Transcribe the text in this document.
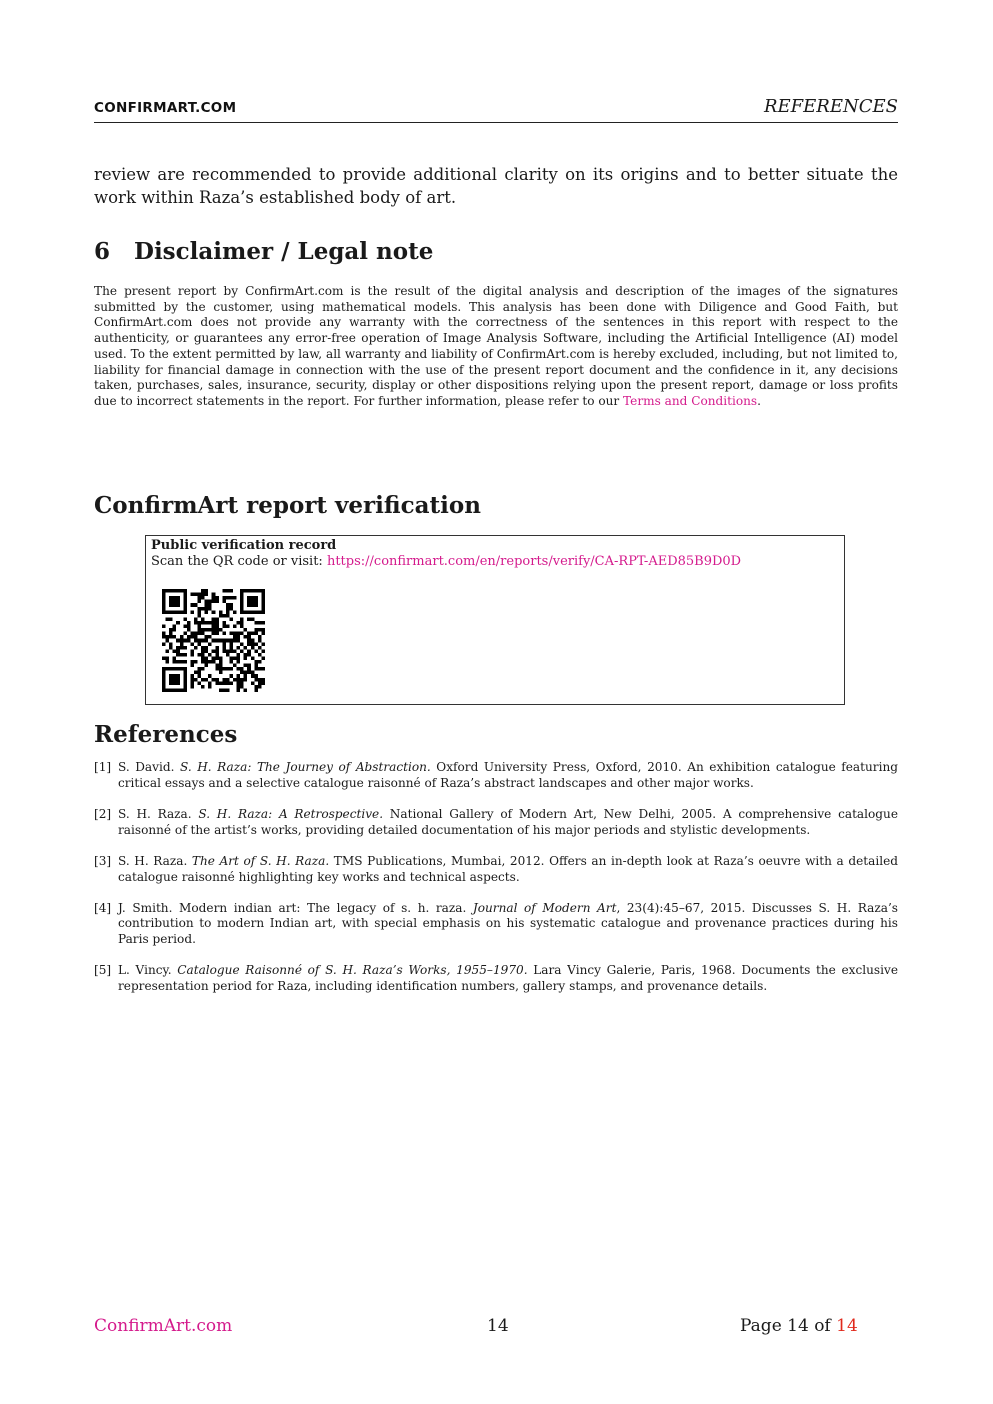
CONFIRMART.COM	REFERENCES

review are recommended to provide additional clarity on its origins and to better situate the work within Raza’s established body of art.

6 Disclaimer / Legal note

The present report by ConfirmArt.com is the result of the digital analysis and description of the images of the signatures submitted by the customer, using mathematical models. This analysis has been done with Diligence and Good Faith, but ConfirmArt.com does not provide any warranty with the correctness of the sentences in this report with respect to the authenticity, or guarantees any error-free operation of Image Analysis Software, including the Artificial Intelligence (AI) model used. To the extent permitted by law, all warranty and liability of ConfirmArt.com is hereby excluded, including, but not limited to, liability for financial damage in connection with the use of the present report document and the confidence in it, any decisions taken, purchases, sales, insurance, security, display or other dispositions relying upon the present report, damage or loss profits due to incorrect statements in the report. For further information, please refer to our Terms and Conditions.

ConfirmArt report verification
Public verification record
Scan the QR code or visit: https://confirmart.com/en/reports/verify/CA-RPT-AED85B9D0D
References
[1] S. David. S. H. Raza: The Journey of Abstraction. Oxford University Press, Oxford, 2010. An exhibition catalogue featuring critical essays and a selective catalogue raisonné of Raza’s abstract landscapes and other major works.
[2] S. H. Raza. S. H. Raza: A Retrospective. National Gallery of Modern Art, New Delhi, 2005. A comprehensive catalogue raisonné of the artist’s works, providing detailed documentation of his major periods and stylistic developments.
[3] S. H. Raza. The Art of S. H. Raza. TMS Publications, Mumbai, 2012. Offers an in-depth look at Raza’s oeuvre with a detailed catalogue raisonné highlighting key works and technical aspects.
[4] J. Smith. Modern indian art: The legacy of s. h. raza. Journal of Modern Art, 23(4):45–67, 2015. Discusses S. H. Raza’s contribution to modern Indian art, with special emphasis on his systematic catalogue and provenance practices during his Paris period.
[5] L. Vincy. Catalogue Raisonné of S. H. Raza’s Works, 1955–1970. Lara Vincy Galerie, Paris, 1968. Documents the exclusive representation period for Raza, including identification numbers, gallery stamps, and provenance details.
ConfirmArt.com	14	Page 14 of 14
